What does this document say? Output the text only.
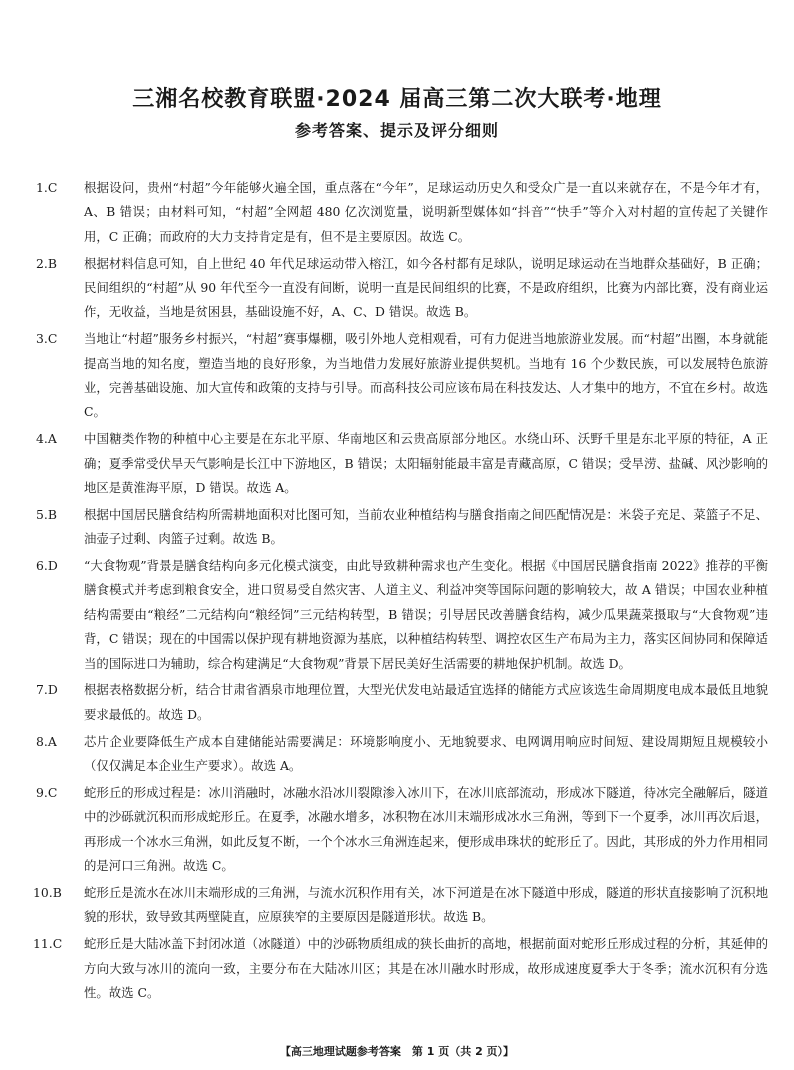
三湘名校教育联盟·2024 届高三第二次大联考·地理
参考答案、提示及评分细则
1.C 根据设问，贵州“村超”今年能够火遍全国，重点落在“今年”，足球运动历史久和受众广是一直以来就存在，不是今年才有，A、B 错误；由材料可知，“村超”全网超 480 亿次浏览量，说明新型媒体如“抖音”“快手”等介入对村超的宣传起了关键作用，C 正确；而政府的大力支持肯定是有，但不是主要原因。故选 C。
2.B 根据材料信息可知，自上世纪 40 年代足球运动带入榕江，如今各村都有足球队，说明足球运动在当地群众基础好，B 正确；民间组织的“村超”从 90 年代至今一直没有间断，说明一直是民间组织的比赛，不是政府组织，比赛为内部比赛，没有商业运作，无收益，当地是贫困县，基础设施不好，A、C、D 错误。故选 B。
3.C 当地让“村超”服务乡村振兴，“村超”赛事爆棚，吸引外地人竞相观看，可有力促进当地旅游业发展。而“村超”出圈，本身就能提高当地的知名度，塑造当地的良好形象，为当地借力发展好旅游业提供契机。当地有 16 个少数民族，可以发展特色旅游业，完善基础设施、加大宣传和政策的支持与引导。而高科技公司应该布局在科技发达、人才集中的地方，不宜在乡村。故选 C。
4.A 中国糖类作物的种植中心主要是在东北平原、华南地区和云贵高原部分地区。水绕山环、沃野千里是东北平原的特征，A 正确；夏季常受伏旱天气影响是长江中下游地区，B 错误；太阳辐射能最丰富是青藏高原，C 错误；受旱涝、盐碱、风沙影响的地区是黄淮海平原，D 错误。故选 A。
5.B 根据中国居民膳食结构所需耕地面积对比图可知，当前农业种植结构与膳食指南之间匹配情况是：米袋子充足、菜篮子不足、油壶子过剩、肉篮子过剩。故选 B。
6.D “大食物观”背景是膳食结构向多元化模式演变，由此导致耕种需求也产生变化。根据《中国居民膳食指南 2022》推荐的平衡膳食模式并考虑到粮食安全，进口贸易受自然灾害、人道主义、利益冲突等国际问题的影响较大，故 A 错误；中国农业种植结构需要由“粮经”二元结构向“粮经饲”三元结构转型，B 错误；引导居民改善膳食结构，减少瓜果蔬菜摄取与“大食物观”违背，C 错误；现在的中国需以保护现有耕地资源为基底，以种植结构转型、调控农区生产布局为主力，落实区间协同和保障适当的国际进口为辅助，综合构建满足“大食物观”背景下居民美好生活需要的耕地保护机制。故选 D。
7.D 根据表格数据分析，结合甘肃省酒泉市地理位置，大型光伏发电站最适宜选择的储能方式应该选生命周期度电成本最低且地貌要求最低的。故选 D。
8.A 芯片企业要降低生产成本自建储能站需要满足：环境影响度小、无地貌要求、电网调用响应时间短、建设周期短且规模较小（仅仅满足本企业生产要求）。故选 A。
9.C 蛇形丘的形成过程是：冰川消融时，冰融水沿冰川裂隙渗入冰川下，在冰川底部流动，形成冰下隧道，待冰完全融解后，隧道中的沙砾就沉积而形成蛇形丘。在夏季，冰融水增多，冰积物在冰川末端形成冰水三角洲，等到下一个夏季，冰川再次后退，再形成一个冰水三角洲，如此反复不断，一个个冰水三角洲连起来，便形成串珠状的蛇形丘了。因此，其形成的外力作用相同的是河口三角洲。故选 C。
10.B 蛇形丘是流水在冰川末端形成的三角洲，与流水沉积作用有关，冰下河道是在冰下隧道中形成，隧道的形状直接影响了沉积地貌的形状，致导致其两壁陡直，应原狭窄的主要原因是隧道形状。故选 B。
11.C 蛇形丘是大陆冰盖下封闭冰道（冰隧道）中的沙砾物质组成的狭长曲折的高地，根据前面对蛇形丘形成过程的分析，其延伸的方向大致与冰川的流向一致，主要分布在大陆冰川区；其是在冰川融水时形成，故形成速度夏季大于冬季；流水沉积有分选性。故选 C。
【高三地理试题参考答案　第 1 页（共 2 页）】
